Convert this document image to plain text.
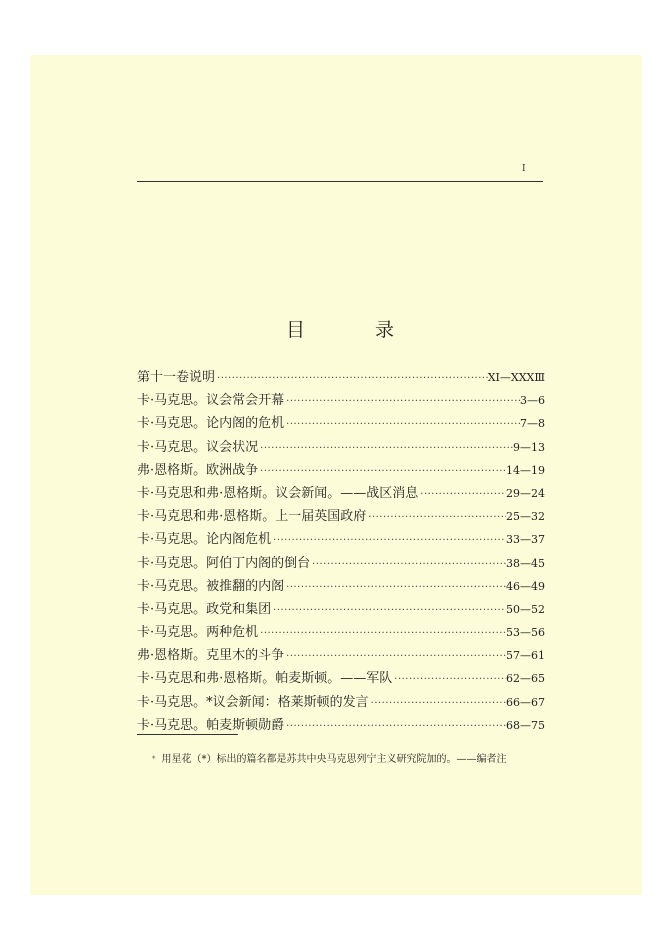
I
目 录
第十一卷说明 ·····	XI—ⅩⅩⅩⅢ
卡·马克思。议会常会开幕 ·····	3—6
卡·马克思。论内阁的危机 ·····	7—8
卡·马克思。议会状况 ·····	9—13
弗·恩格斯。欧洲战争 ·····	14—19
卡·马克思和弗·恩格斯。议会新闻。——战区消息 ·····	29—24
卡·马克思和弗·恩格斯。上一届英国政府 ·····	25—32
卡·马克思。论内阁危机 ·····	33—37
卡·马克思。阿伯丁内阁的倒台 ·····	38—45
卡·马克思。被推翻的内阁 ·····	46—49
卡·马克思。政党和集团 ·····	50—52
卡·马克思。两种危机 ·····	53—56
弗·恩格斯。克里木的斗争 ·····	57—61
卡·马克思和弗·恩格斯。帕麦斯顿。——军队 ·····	62—65
卡·马克思。*议会新闻：格莱斯顿的发言 ·····	66—67
卡·马克思。帕麦斯顿勋爵 ·····	68—75
* 用星花（*）标出的篇名都是苏共中央马克思列宁主义研究院加的。——编者注
